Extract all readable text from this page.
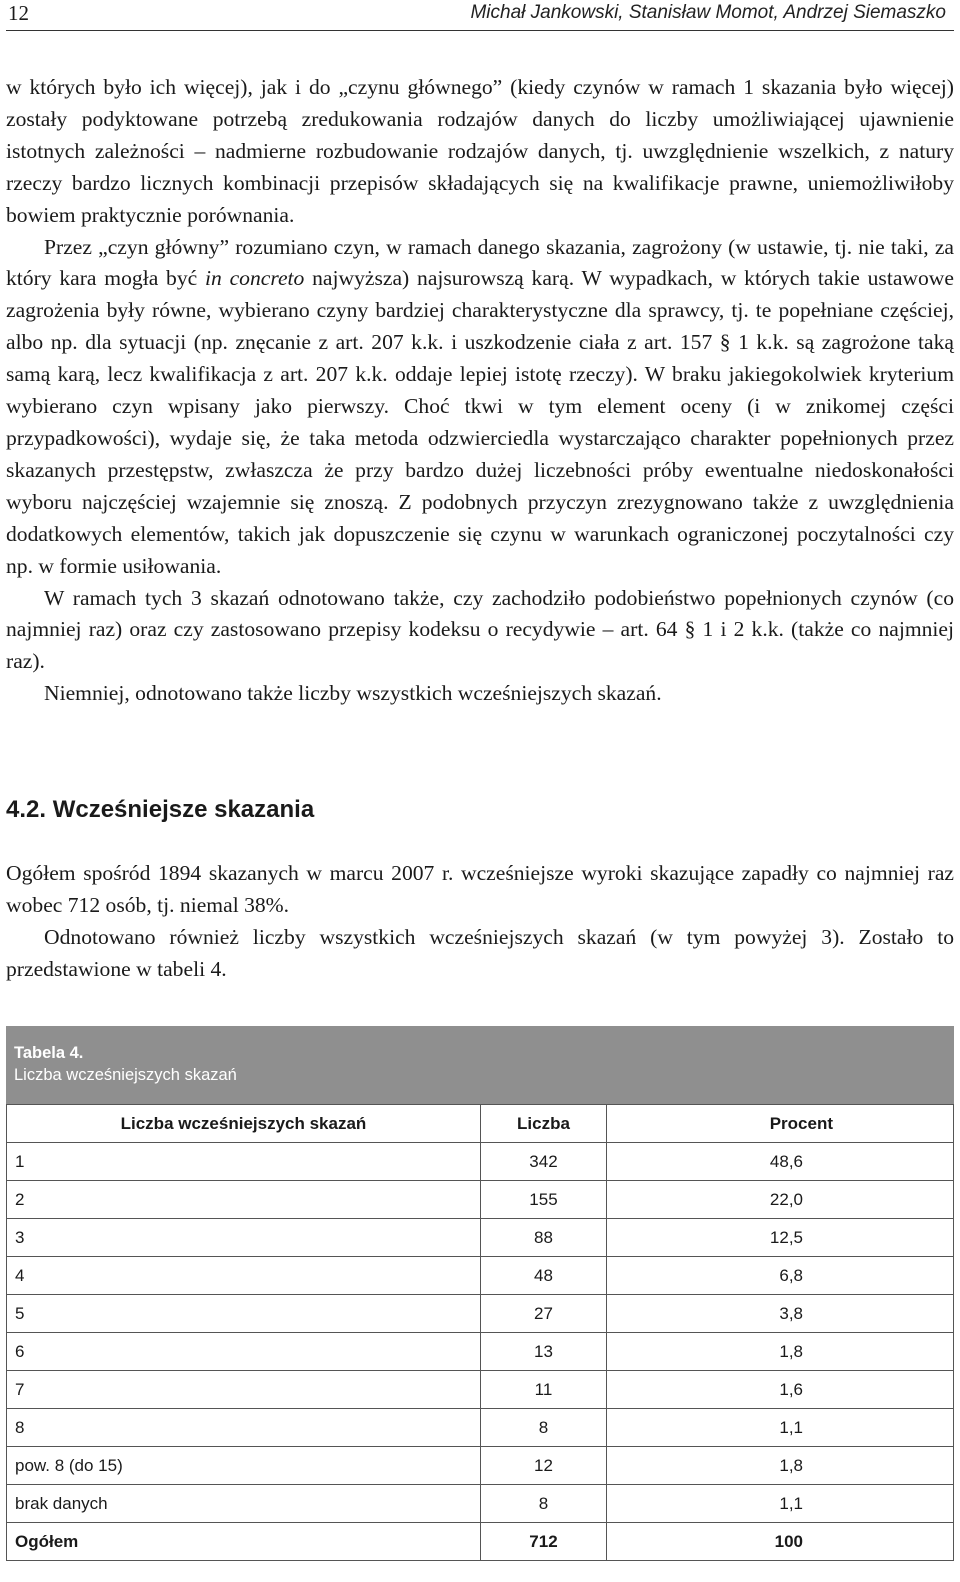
12	Michał Jankowski, Stanisław Momot, Andrzej Siemaszko

w których było ich więcej), jak i do „czynu głównego” (kiedy czynów w ramach 1 skazania było więcej) zostały podyktowane potrzebą zredukowania rodzajów danych do liczby umożliwiającej ujawnienie istotnych zależności – nadmierne rozbudowanie rodzajów danych, tj. uwzględnienie wszelkich, z natury rzeczy bardzo licznych kombinacji przepisów składających się na kwalifikacje prawne, uniemożliwiłoby bowiem praktycznie porównania.

Przez „czyn główny” rozumiano czyn, w ramach danego skazania, zagrożony (w ustawie, tj. nie taki, za który kara mogła być in concreto najwyższa) najsurowszą karą. W wypadkach, w których takie ustawowe zagrożenia były równe, wybierano czyny bardziej charakterystyczne dla sprawcy, tj. te popełniane częściej, albo np. dla sytuacji (np. znęcanie z art. 207 k.k. i uszkodzenie ciała z art. 157 § 1 k.k. są zagrożone taką samą karą, lecz kwalifikacja z art. 207 k.k. oddaje lepiej istotę rzeczy). W braku jakiegokolwiek kryterium wybierano czyn wpisany jako pierwszy. Choć tkwi w tym element oceny (i w znikomej części przypadkowości), wydaje się, że taka metoda odzwierciedla wystarczająco charakter popełnionych przez skazanych przestępstw, zwłaszcza że przy bardzo dużej liczebności próby ewentualne niedoskonałości wyboru najczęściej wzajemnie się znoszą. Z podobnych przyczyn zrezygnowano także z uwzględnienia dodatkowych elementów, takich jak dopuszczenie się czynu w warunkach ograniczonej poczytalności czy np. w formie usiłowania.

W ramach tych 3 skazań odnotowano także, czy zachodziło podobieństwo popełnionych czynów (co najmniej raz) oraz czy zastosowano przepisy kodeksu o recydywie – art. 64 § 1 i 2 k.k. (także co najmniej raz).

Niemniej, odnotowano także liczby wszystkich wcześniejszych skazań.

4.2. Wcześniejsze skazania

Ogółem spośród 1894 skazanych w marcu 2007 r. wcześniejsze wyroki skazujące zapadły co najmniej raz wobec 712 osób, tj. niemal 38%.

Odnotowano również liczby wszystkich wcześniejszych skazań (w tym powyżej 3). Zostało to przedstawione w tabeli 4.

Tabela 4.
Liczba wcześniejszych skazań
Liczba wcześniejszych skazań	Liczba	Procent
1	342	48,6
2	155	22,0
3	88	12,5
4	48	6,8
5	27	3,8
6	13	1,8
7	11	1,6
8	8	1,1
pow. 8 (do 15)	12	1,8
brak danych	8	1,1
Ogółem	712	100
